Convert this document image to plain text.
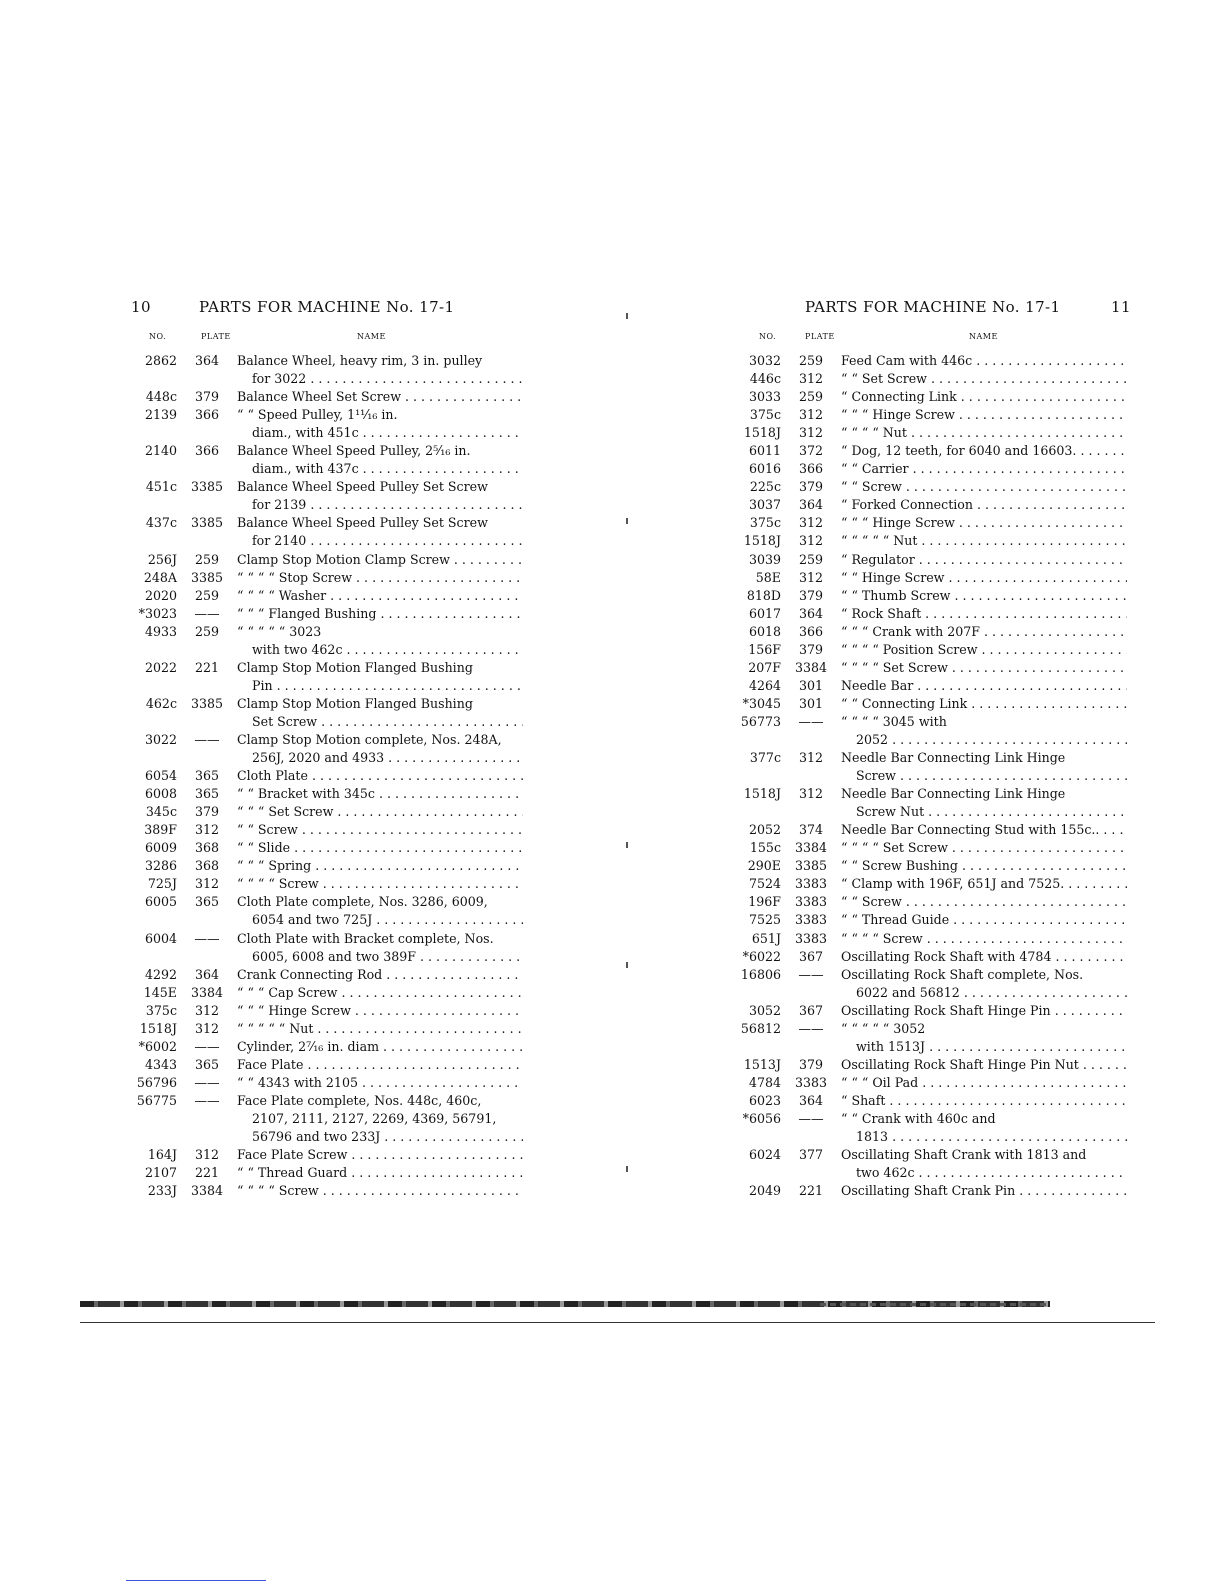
10	PARTS FOR MACHINE No. 17-1
NO.	PLATE	NAME
2862	364	Balance Wheel, heavy rim, 3 in. pulley
for 3022 . . .
448c	379	Balance Wheel Set Screw . . .
2139	366	“ “ Speed Pulley, 1¹¹⁄₁₆ in.
diam., with 451c . . .
2140	366	Balance Wheel Speed Pulley, 2⁵⁄₁₆ in.
diam., with 437c . . .
451c	3385	Balance Wheel Speed Pulley Set Screw
for 2139 . . .
437c	3385	Balance Wheel Speed Pulley Set Screw
for 2140 . . .
256J	259	Clamp Stop Motion Clamp Screw . . .
248A	3385	“ “ “ “ Stop Screw . . .
2020	259	“ “ “ “ Washer . . .
*3023	——	“ “ “ Flanged Bushing . . .
4933	259	“ “ “ “ “ 3023
with two 462c . . .
2022	221	Clamp Stop Motion Flanged Bushing
Pin . . .
462c	3385	Clamp Stop Motion Flanged Bushing
Set Screw . . .
3022	——	Clamp Stop Motion complete, Nos. 248A,
256J, 2020 and 4933 . . .
6054	365	Cloth Plate . . .
6008	365	“ “ Bracket with 345c . . .
345c	379	“ “ “ Set Screw . . .
389F	312	“ “ Screw . . .
6009	368	“ “ Slide . . .
3286	368	“ “ “ Spring . . .
725J	312	“ “ “ “ Screw . . .
6005	365	Cloth Plate complete, Nos. 3286, 6009,
6054 and two 725J . . .
6004	——	Cloth Plate with Bracket complete, Nos.
6005, 6008 and two 389F . . .
4292	364	Crank Connecting Rod . . .
145E	3384	“ “ “ Cap Screw . . .
375c	312	“ “ “ Hinge Screw . . .
1518J	312	“ “ “ “ “ Nut . . .
*6002	——	Cylinder, 2⁷⁄₁₆ in. diam . . .
4343	365	Face Plate . . .
56796	——	“ “ 4343 with 2105 . . .
56775	——	Face Plate complete, Nos. 448c, 460c,
2107, 2111, 2127, 2269, 4369, 56791,
56796 and two 233J . . .
164J	312	Face Plate Screw . . .
2107	221	“ “ Thread Guard . . .
233J	3384	“ “ “ “ Screw . . .
PARTS FOR MACHINE No. 17-1	11
NO.	PLATE	NAME
3032	259	Feed Cam with 446c . . .
446c	312	“ “ Set Screw . . .
3033	259	“ Connecting Link . . .
375c	312	“ “ “ Hinge Screw . . .
1518J	312	“ “ “ “ Nut . . .
6011	372	“ Dog, 12 teeth, for 6040 and 16603. . . .
6016	366	“ “ Carrier . . .
225c	379	“ “ Screw . . .
3037	364	“ Forked Connection . . .
375c	312	“ “ “ Hinge Screw . . .
1518J	312	“ “ “ “ “ Nut . . .
3039	259	“ Regulator . . .
58E	312	“ “ Hinge Screw . . .
818D	379	“ “ Thumb Screw . . .
6017	364	“ Rock Shaft . . .
6018	366	“ “ “ Crank with 207F . . .
156F	379	“ “ “ “ Position Screw . . .
207F	3384	“ “ “ “ Set Screw . . .
4264	301	Needle Bar . . .
*3045	301	“ “ Connecting Link . . .
56773	——	“ “ “ “ 3045 with
2052 . . .
377c	312	Needle Bar Connecting Link Hinge
Screw . . .
1518J	312	Needle Bar Connecting Link Hinge
Screw Nut . . .
2052	374	Needle Bar Connecting Stud with 155c.. . . .
155c	3384	“ “ “ “ Set Screw . . .
290E	3385	“ “ Screw Bushing . . .
7524	3383	“ Clamp with 196F, 651J and 7525. . . .
196F	3383	“ “ Screw . . .
7525	3383	“ “ Thread Guide . . .
651J	3383	“ “ “ “ Screw . . .
*6022	367	Oscillating Rock Shaft with 4784 . . .
16806	——	Oscillating Rock Shaft complete, Nos.
6022 and 56812 . . .
3052	367	Oscillating Rock Shaft Hinge Pin . . .
56812	——	“ “ “ “ “ 3052
with 1513J . . .
1513J	379	Oscillating Rock Shaft Hinge Pin Nut . . .
4784	3383	“ “ “ Oil Pad . . .
6023	364	“ Shaft . . .
*6056	——	“ “ Crank with 460c and
1813 . . .
6024	377	Oscillating Shaft Crank with 1813 and
two 462c . . .
2049	221	Oscillating Shaft Crank Pin . . .
